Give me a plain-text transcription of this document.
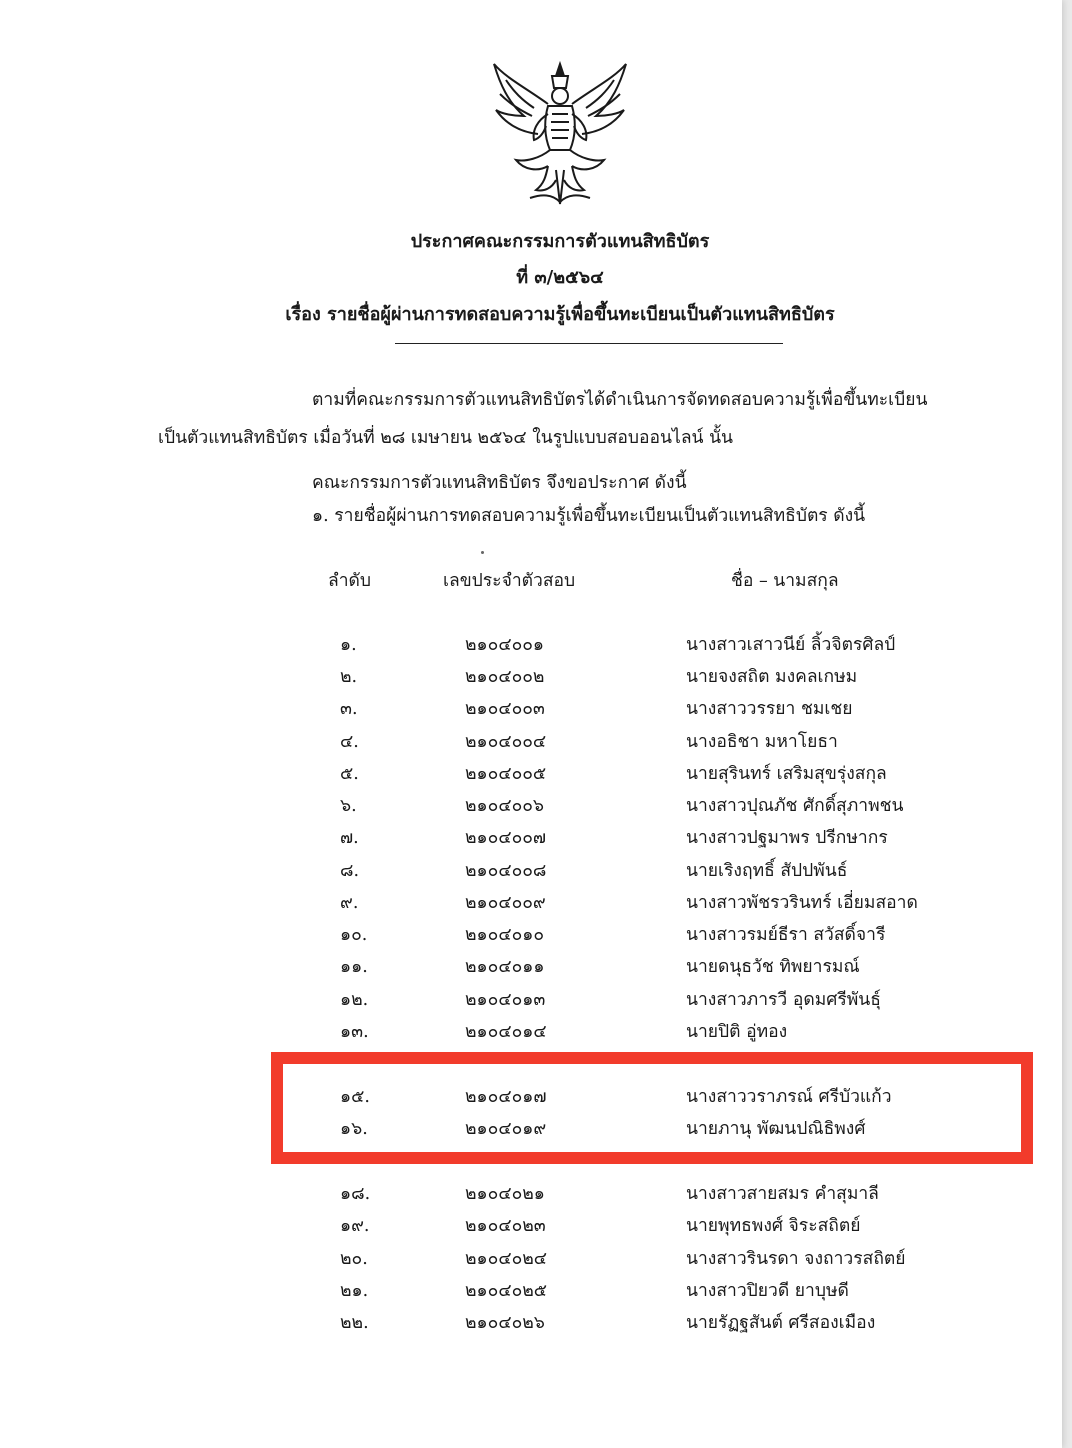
ประกาศคณะกรรมการตัวแทนสิทธิบัตร
ที่ ๓/๒๕๖๔
เรื่อง รายชื่อผู้ผ่านการทดสอบความรู้เพื่อขึ้นทะเบียนเป็นตัวแทนสิทธิบัตร
ตามที่คณะกรรมการตัวแทนสิทธิบัตรได้ดำเนินการจัดทดสอบความรู้เพื่อขึ้นทะเบียน
เป็นตัวแทนสิทธิบัตร เมื่อวันที่ ๒๘ เมษายน ๒๕๖๔ ในรูปแบบสอบออนไลน์ นั้น
คณะกรรมการตัวแทนสิทธิบัตร จึงขอประกาศ ดังนี้
๑. รายชื่อผู้ผ่านการทดสอบความรู้เพื่อขึ้นทะเบียนเป็นตัวแทนสิทธิบัตร ดังนี้
ลำดับ	เลขประจำตัวสอบ	ชื่อ – นามสกุล
๑.	๒๑๐๔๐๐๑	นางสาวเสาวนีย์ ลิ้วจิตรศิลป์
๒.	๒๑๐๔๐๐๒	นายจงสถิต มงคลเกษม
๓.	๒๑๐๔๐๐๓	นางสาววรรยา ชมเชย
๔.	๒๑๐๔๐๐๔	นางอธิชา มหาโยธา
๕.	๒๑๐๔๐๐๕	นายสุรินทร์ เสริมสุขรุ่งสกุล
๖.	๒๑๐๔๐๐๖	นางสาวปุณภัช ศักดิ์สุภาพชน
๗.	๒๑๐๔๐๐๗	นางสาวปฐมาพร ปรีกษากร
๘.	๒๑๐๔๐๐๘	นายเริงฤทธิ์ สัปปพันธ์
๙.	๒๑๐๔๐๐๙	นางสาวพัชรวรินทร์ เอี่ยมสอาด
๑๐.	๒๑๐๔๐๑๐	นางสาวรมย์ธีรา สวัสดิ์จารี
๑๑.	๒๑๐๔๐๑๑	นายดนุธวัช ทิพยารมณ์
๑๒.	๒๑๐๔๐๑๓	นางสาวภารวี อุดมศรีพันธุ์
๑๓.	๒๑๐๔๐๑๔	นายปิติ อู่ทอง
๑๕.	๒๑๐๔๐๑๗	นางสาววราภรณ์ ศรีบัวแก้ว
๑๖.	๒๑๐๔๐๑๙	นายภานุ พัฒนปณิธิพงศ์
๑๘.	๒๑๐๔๐๒๑	นางสาวสายสมร คำสุมาลี
๑๙.	๒๑๐๔๐๒๓	นายพุทธพงศ์ จิระสถิตย์
๒๐.	๒๑๐๔๐๒๔	นางสาวรินรดา จงถาวรสถิตย์
๒๑.	๒๑๐๔๐๒๕	นางสาวปิยวดี ยาบุษดี
๒๒.	๒๑๐๔๐๒๖	นายรัฏฐสันต์ ศรีสองเมือง
